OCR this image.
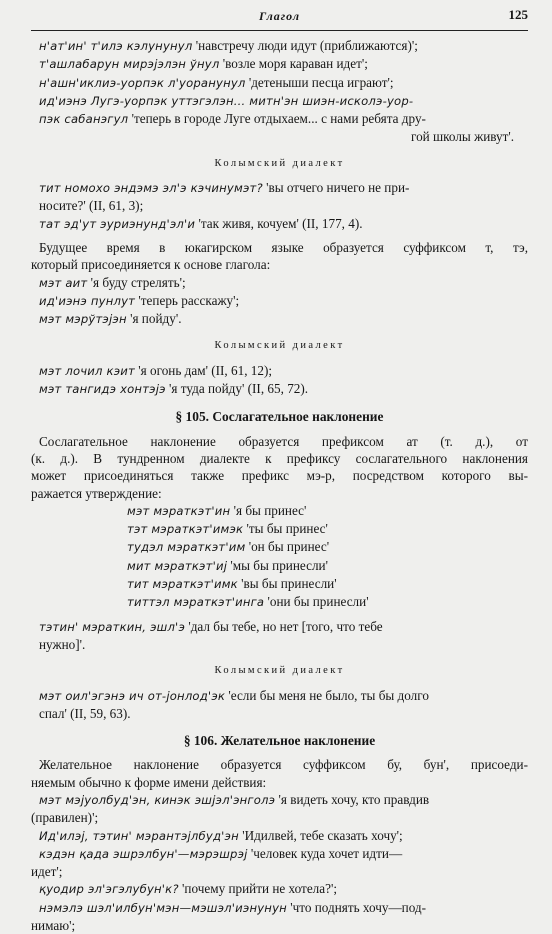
Глагол	125
н'ат'ин' т'илэ кэлунунул 'навстречу люди идут (приближаются)';
т'ашлабарун мирэjэлэн ўнул 'возле моря караван идет';
н'ашн'иклиэ-уорпэк л'уоранунул 'детеныши песца играют';
ид'иэнэ Лугэ-уорпэк уттэгэлэн... митн'эн шиэн-исколэ-уор-
пэк сабанэгул 'теперь в городе Луге отдыхаем... с нами ребята дру-
гой школы живут'.
Колымский диалект
тит номохо эндэмэ эл'э кэчинумэт? 'вы отчего ничего не при-
носите?' (II, 61, 3);
тат эд'ут эуриэнунд'эл'и 'так живя, кочуем' (II, 177, 4).
Будущее время в юкагирском языке образуется суффиксом т, тэ,
который присоединяется к основе глагола:
мэт аит 'я буду стрелять';
ид'иэнэ пунлут 'теперь расскажу';
мэт мэрўтэjэн 'я пойду'.
Колымский диалект
мэт лочил кэит 'я огонь дам' (II, 61, 12);
мэт тангидэ хонтэjэ 'я туда пойду' (II, 65, 72).
§ 105. Сослагательное наклонение
Сослагательное наклонение образуется префиксом ат (т. д.), от
(к. д.). В тундренном диалекте к префиксу сослагательного наклонения
может присоединяться также префикс мэ-р, посредством которого вы-
ражается утверждение:
мэт мэраткэт'ин 'я бы принес'
тэт мэраткэт'имэк 'ты бы принес'
тудэл мэраткэт'им 'он бы принес'
мит мэраткэт'иj 'мы бы принесли'
тит мэраткэт'имк 'вы бы принесли'
титтэл мэраткэт'инга 'они бы принесли'
тэтин' мэраткин, эшл'э 'дал бы тебе, но нет [того, что тебе
нужно]'.
Колымский диалект
мэт оил'эгэнэ ич от-jонлод'эк 'если бы меня не было, ты бы долго
спал' (II, 59, 63).
§ 106. Желательное наклонение
Желательное наклонение образуется суффиксом бу, бун', присоеди-
няемым обычно к форме имени действия:
мэт мэjуолбуд'эн, кинэк эшјэл'энголэ 'я видеть хочу, кто правдив
(правилен)';
Ид'илэj, тэтин' мэрантэјлбуд'эн 'Идилвей, тебе сказать хочу';
кэдэн қада эшрэлбун'—мэрэшрэj 'человек куда хочет идти—
идет';
қуодир эл'эгэлубун'к? 'почему прийти не хотела?';
нэмэлэ шэл'илбун'мэн—мэшэл'иэнунун 'что поднять хочу—под-
нимаю';
